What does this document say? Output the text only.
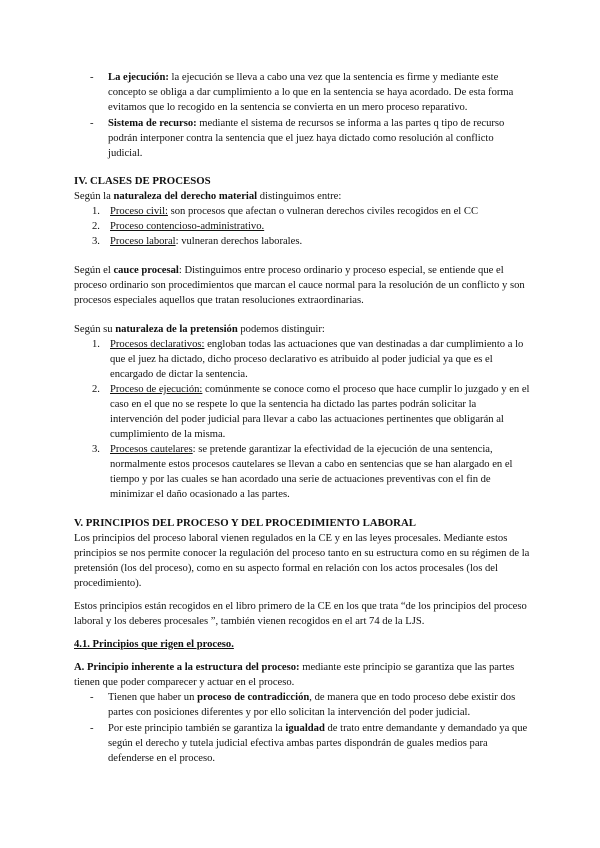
- La ejecución: la ejecución se lleva a cabo una vez que la sentencia es firme y mediante este concepto se obliga a dar cumplimiento a lo que en la sentencia se haya acordado. De esta forma evitamos que lo recogido en la sentencia se convierta en un mero proceso reparativo.
- Sistema de recurso: mediante el sistema de recursos se informa a las partes q tipo de recurso podrán interponer contra la sentencia que el juez haya dictado como resolución al conflicto judicial.
IV. CLASES DE PROCESOS

Según la naturaleza del derecho material distinguimos entre:

1. Proceso civil: son procesos que afectan o vulneran derechos civiles recogidos en el CC
2. Proceso contencioso-administrativo.
3. Proceso laboral: vulneran derechos laborales.

Según el cauce procesal: Distinguimos entre proceso ordinario y proceso especial, se entiende que el proceso ordinario son procedimientos que marcan el cauce normal para la resolución de un conflicto y son procesos especiales aquellos que tratan resoluciones extraordinarias.

Según su naturaleza de la pretensión podemos distinguir:

1. Procesos declarativos: engloban todas las actuaciones que van destinadas a dar cumplimiento a lo que el juez ha dictado, dicho proceso declarativo es atribuido al poder judicial ya que es el encargado de dictar la sentencia.
2. Proceso de ejecución: comúnmente se conoce como el proceso que hace cumplir lo juzgado y en el caso en el que no se respete lo que la sentencia ha dictado las partes podrán solicitar la intervención del poder judicial para llevar a cabo las actuaciones pertinentes que obligarán al cumplimiento de la misma.
3. Procesos cautelares: se pretende garantizar la efectividad de la ejecución de una sentencia, normalmente estos procesos cautelares se llevan a cabo en sentencias que se han alargado en el tiempo y por las cuales se han acordado una serie de actuaciones preventivas con el fin de minimizar el daño ocasionado a las partes.
V. PRINCIPIOS DEL PROCESO Y DEL PROCEDIMIENTO LABORAL

Los principios del proceso laboral vienen regulados en la CE y en las leyes procesales. Mediante estos principios se nos permite conocer la regulación del proceso tanto en su estructura como en su régimen de la pretensión (los del proceso), como en su aspecto formal en relación con los actos procesales (los del procedimiento).

Estos principios están recogidos en el libro primero de la CE en los que trata “de los principios del proceso laboral y los deberes procesales ”, también vienen recogidos en el art 74 de la LJS.

4.1. Principios que rigen el proceso.

A. Principio inherente a la estructura del proceso: mediante este principio se garantiza que las partes tienen que poder comparecer y actuar en el proceso.

- Tienen que haber un proceso de contradicción, de manera que en todo proceso debe existir dos partes con posiciones diferentes y por ello solicitan la intervención del poder judicial.
- Por este principio también se garantiza la igualdad de trato entre demandante y demandado ya que según el derecho y tutela judicial efectiva ambas partes dispondrán de guales medios para defenderse en el proceso.
